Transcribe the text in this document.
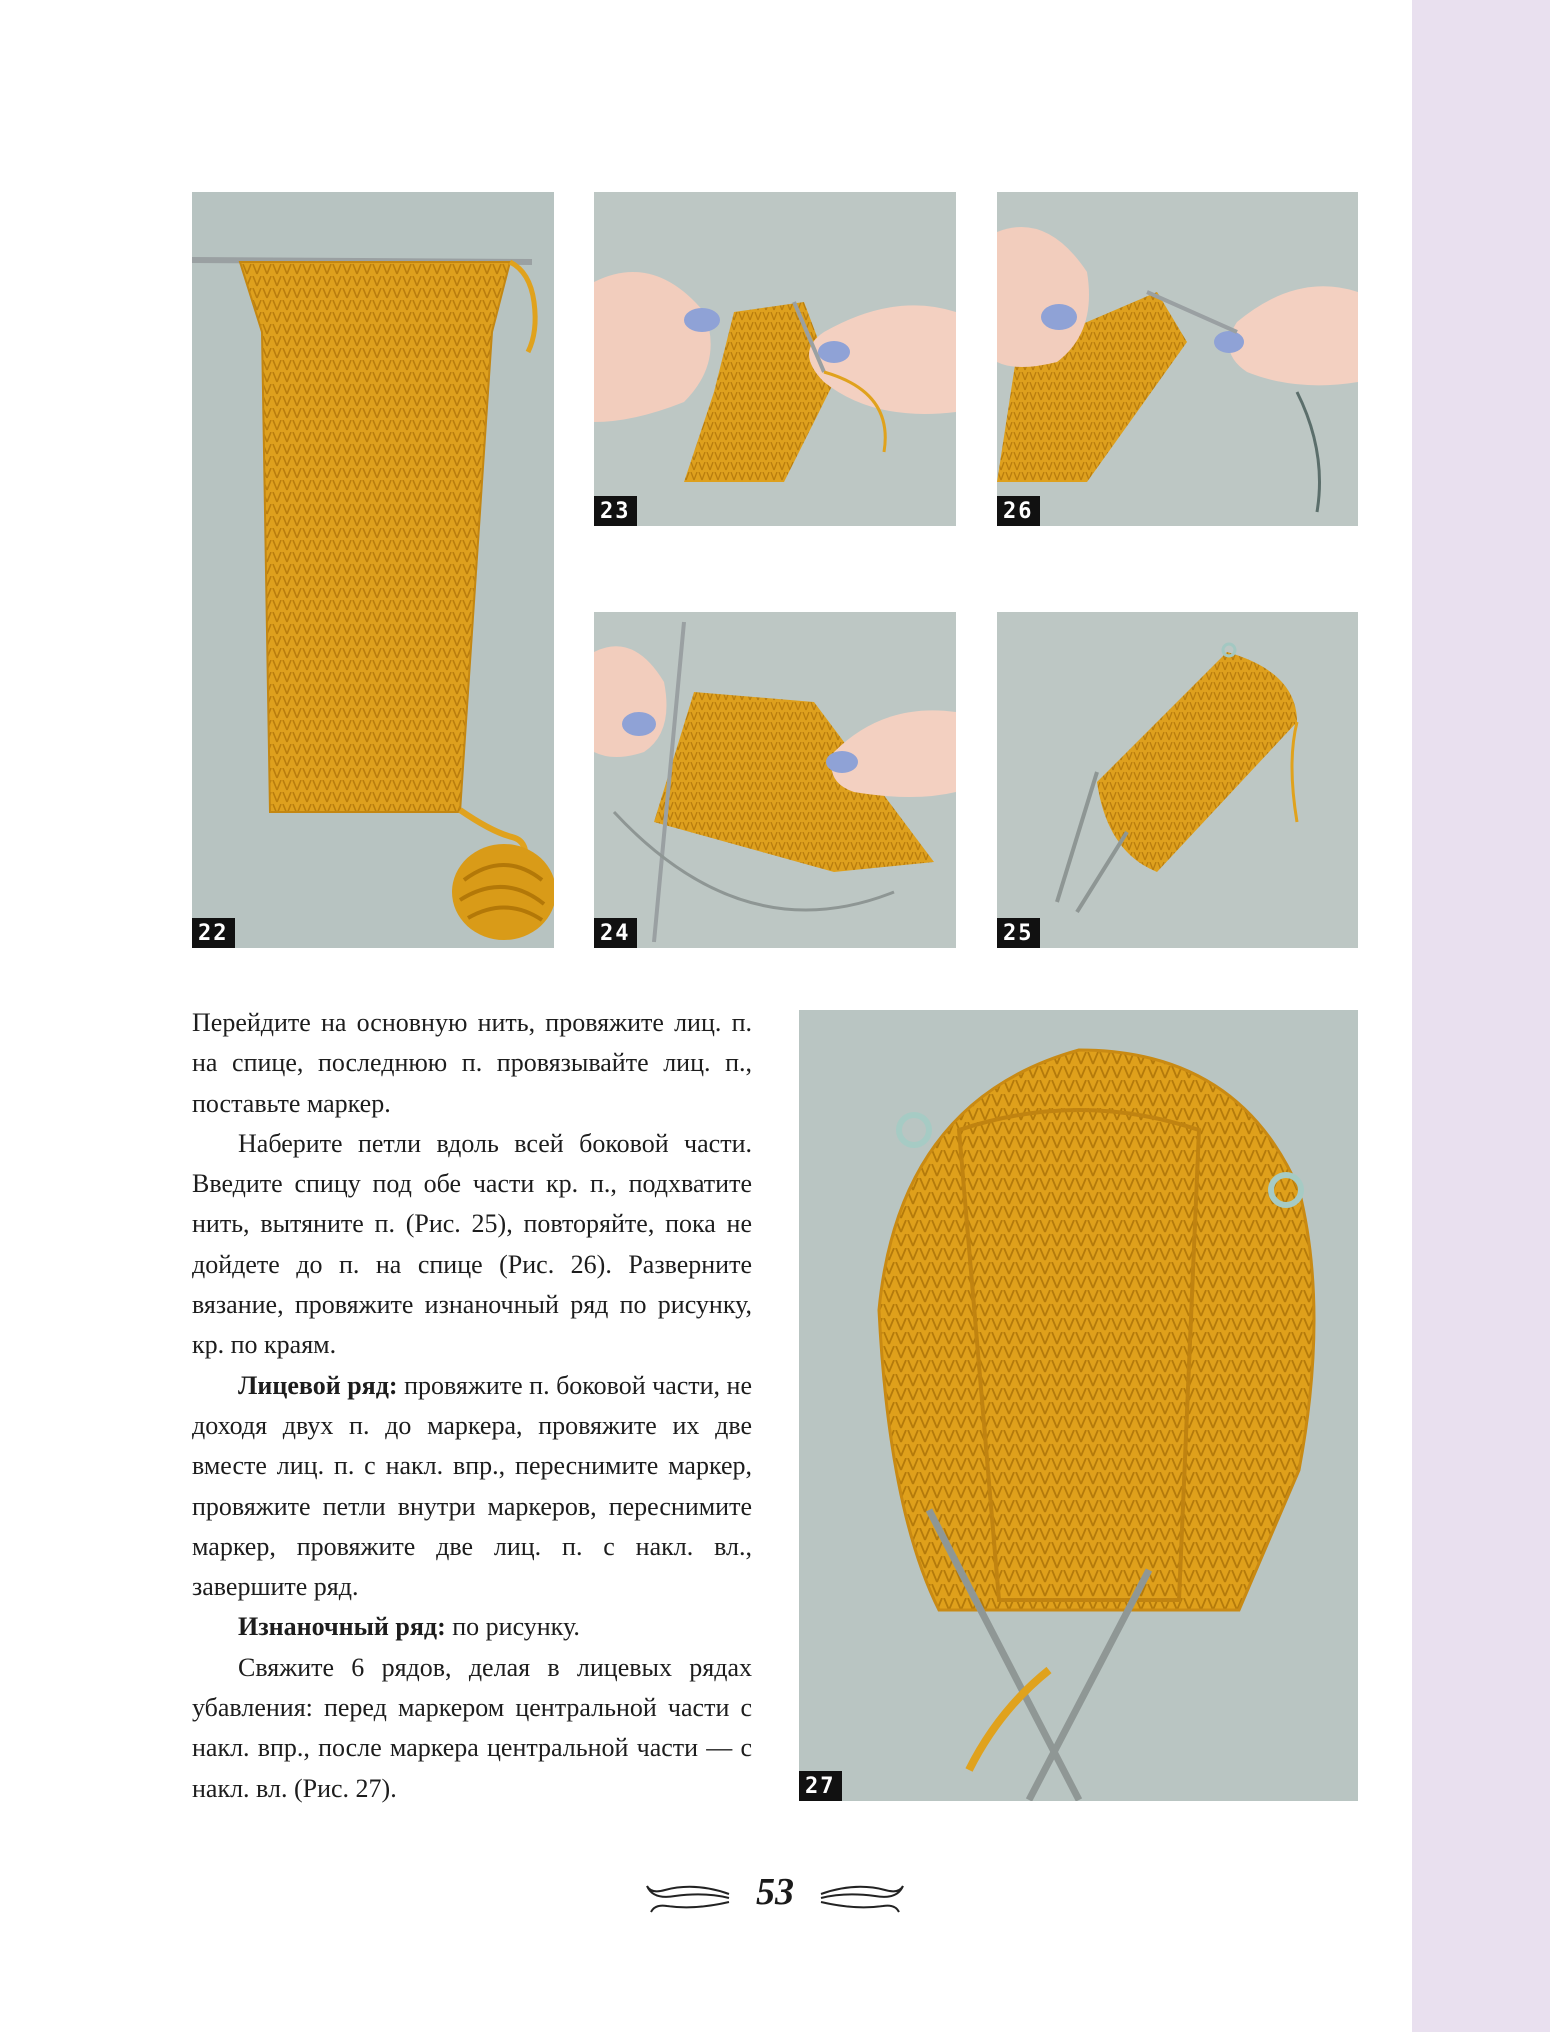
22
23	26
24	25
27

Перейдите на основную нить, провяжите лиц. п. на спице, последнюю п. провязывайте лиц. п., поставьте маркер.

Наберите петли вдоль всей боковой части. Введите спицу под обе части кр. п., подхватите нить, вытяните п. (Рис. 25), повторяйте, пока не дойдете до п. на спице (Рис. 26). Разверните вязание, провяжите изнаночный ряд по рисунку, кр. по краям.

Лицевой ряд: провяжите п. боковой части, не доходя двух п. до маркера, провяжите их две вместе лиц. п. с накл. впр., переснимите маркер, провяжите петли внутри маркеров, переснимите маркер, провяжите две лиц. п. с накл. вл., завершите ряд.

Изнаночный ряд: по рисунку.

Свяжите 6 рядов, делая в лицевых рядах убавления: перед маркером центральной части с накл. впр., после маркера центральной части — с накл. вл. (Рис. 27).

53
